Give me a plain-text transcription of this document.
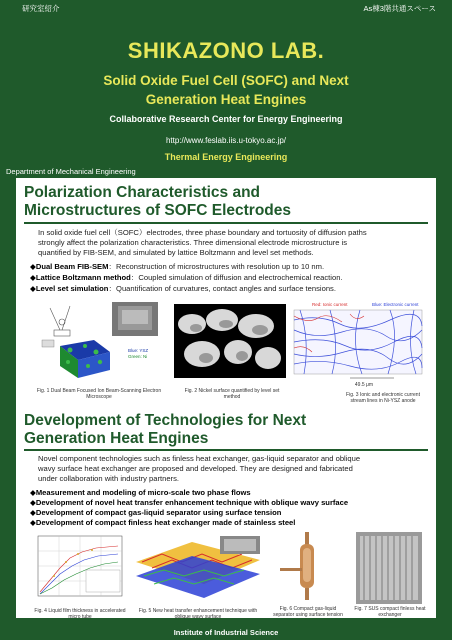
研究室紹介	As棟3階共通スペース
SHIKAZONO LAB.
Solid Oxide Fuel Cell (SOFC) and Next
Generation Heat Engines
Collaborative Research Center for Energy Engineering
http://www.feslab.iis.u-tokyo.ac.jp/
Thermal Energy Engineering
Department of Mechanical Engineering
Polarization Characteristics and
Microstructures of SOFC Electrodes
In solid oxide fuel cell（SOFC）electrodes, three phase boundary and tortuosity of diffusion paths
strongly affect the polarization characteristics. Three dimensional electrode microstructure is
quantified by FIB-SEM, and simulated by lattice Boltzmann and level set methods.
◆Dual Beam FIB-SEM：Reconstruction of microstructures with resolution up to 10 nm.
◆Lattice Boltzmann method：Coupled simulation of diffusion and electrochemical reaction.
◆Level set simulation：Quantification of curvatures, contact angles and surface tensions.
Blue: YSZ
Green: Ni
Fig. 1 Dual Beam Focused Ion Beam-Scanning Electron Microscope
Fig. 2 Nickel surface quantified by level set method
Red: Ionic current	Blue: Electronic current
49.5 μm
Fig. 3 Ionic and electronic current stream lines in Ni-YSZ anode
Development of Technologies for Next
Generation Heat Engines
Novel component technologies such as finless heat exchanger, gas-liquid separator and oblique
wavy surface heat exchanger are proposed and developed. They are designed and fabricated
under collaboration with industry partners.
◆Measurement and modeling of micro-scale two phase flows
◆Development of novel heat transfer enhancement technique with oblique wavy surface
◆Development of compact gas-liquid separator using surface tension
◆Development of compact finless heat exchanger made of stainless steel
Fig. 4 Liquid film thickness in accelerated micro tube
Fig. 5 New heat transfer enhancement technique with oblique wavy surface
Fig. 6 Compact gas-liquid separator using surface tension
Fig. 7 SUS compact finless heat exchanger
$_{Institute of Industrial Science}$
